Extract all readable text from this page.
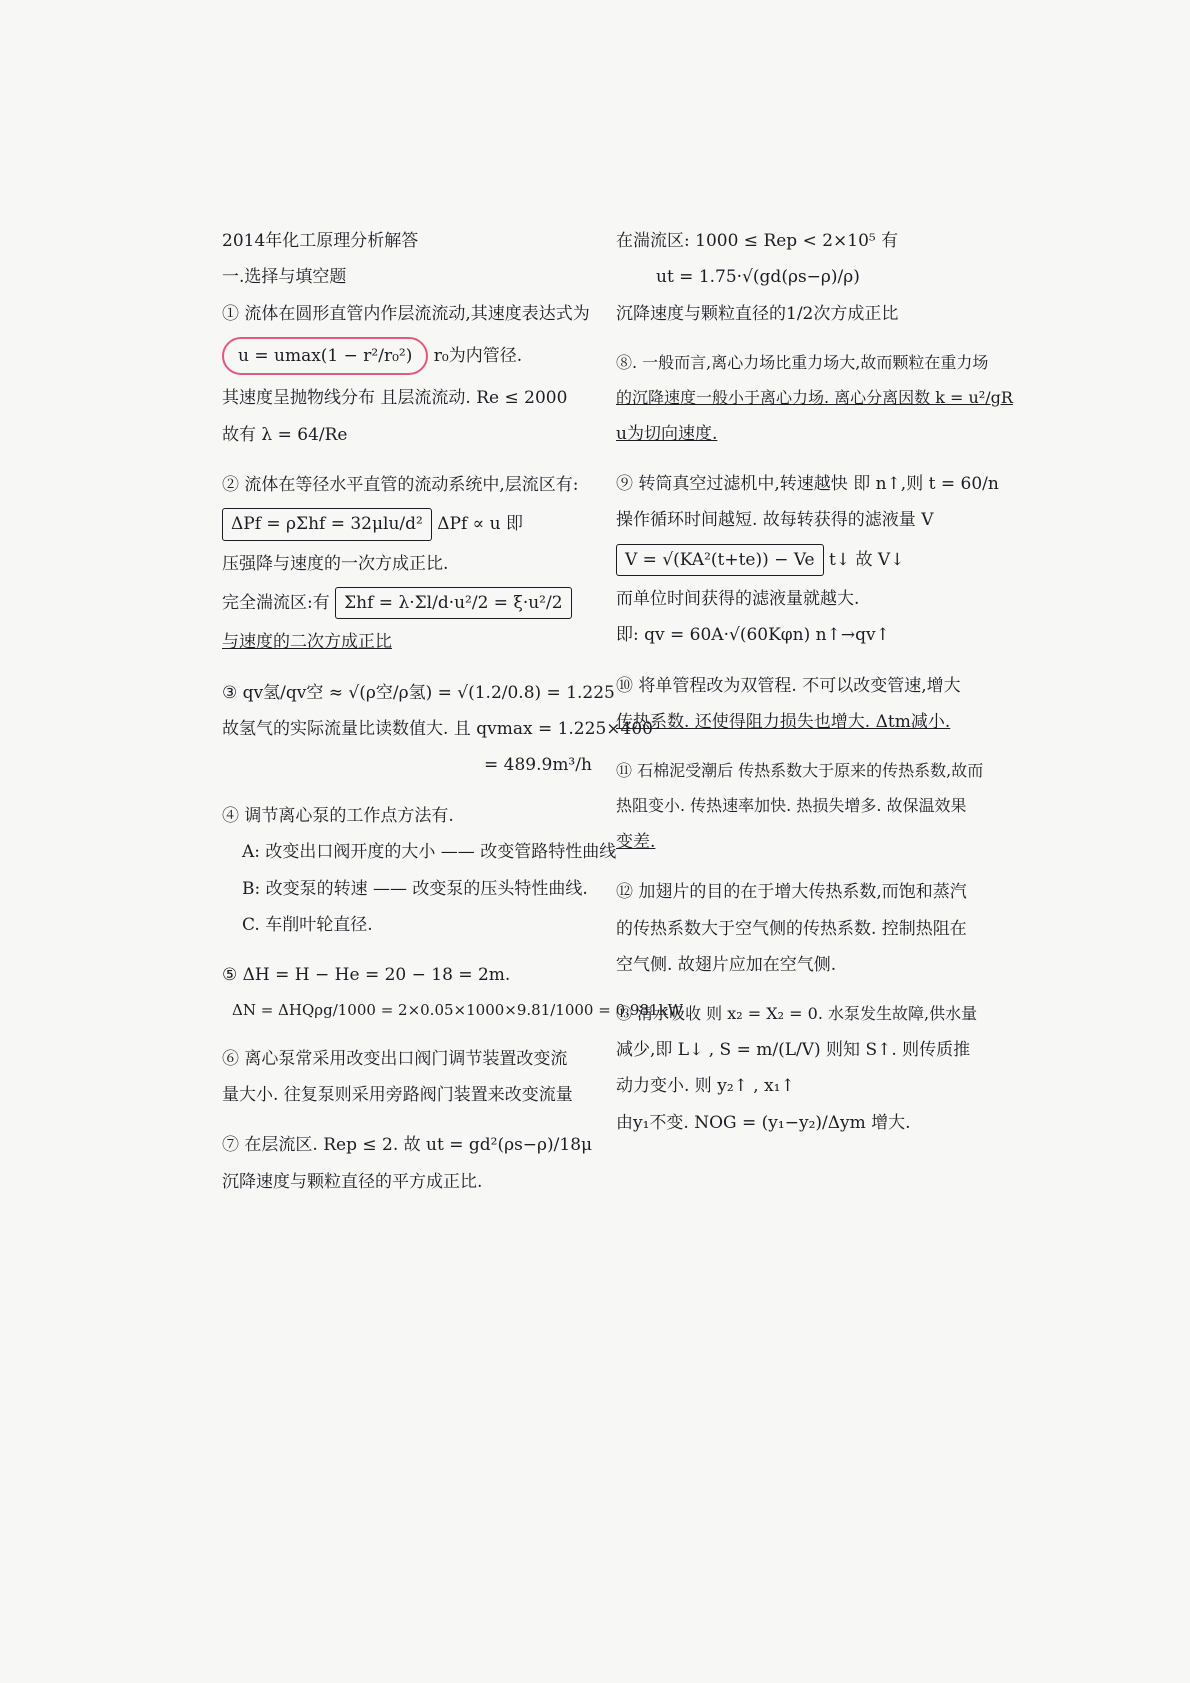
2014年化工原理分析解答
一.选择与填空题
① 流体在圆形直管内作层流流动,其速度表达式为
u = umax(1 − r²/r₀²) r₀为内管径.
其速度呈抛物线分布 且层流流动. Re ≤ 2000
故有 λ = 64/Re
② 流体在等径水平直管的流动系统中,层流区有:
ΔPf = ρΣhf = 32μlu/d² ΔPf ∝ u 即
压强降与速度的一次方成正比.
完全湍流区:有 Σhf = λ·Σl/d·u²/2 = ξ·u²/2
与速度的二次方成正比
③ qv氢/qv空 ≈ √(ρ空/ρ氢) = √(1.2/0.8) = 1.225
故氢气的实际流量比读数值大. 且 qvmax = 1.225×400
= 489.9m³/h
④ 调节离心泵的工作点方法有.
A: 改变出口阀开度的大小 —— 改变管路特性曲线
B: 改变泵的转速 —— 改变泵的压头特性曲线.
C. 车削叶轮直径.
⑤ ΔH = H − He = 20 − 18 = 2m.
ΔN = ΔHQρg/1000 = 2×0.05×1000×9.81/1000 = 0.981kW
⑥ 离心泵常采用改变出口阀门调节装置改变流
量大小. 往复泵则采用旁路阀门装置来改变流量
⑦ 在层流区. Rep ≤ 2. 故 ut = gd²(ρs−ρ)/18μ
沉降速度与颗粒直径的平方成正比.
在湍流区: 1000 ≤ Rep < 2×10⁵ 有
ut = 1.75·√(gd(ρs−ρ)/ρ)
沉降速度与颗粒直径的1/2次方成正比
⑧. 一般而言,离心力场比重力场大,故而颗粒在重力场
的沉降速度一般小于离心力场. 离心分离因数 k = u²/gR
u为切向速度.
⑨ 转筒真空过滤机中,转速越快 即 n↑,则 t = 60/n
操作循环时间越短. 故每转获得的滤液量 V
V = √(KA²(t+te)) − Ve t↓ 故 V↓
而单位时间获得的滤液量就越大.
即: qv = 60A·√(60Kφn) n↑→qv↑
⑩ 将单管程改为双管程. 不可以改变管速,增大
传热系数. 还使得阻力损失也增大. Δtm减小.
⑪ 石棉泥受潮后 传热系数大于原来的传热系数,故而
热阻变小. 传热速率加快. 热损失增多. 故保温效果
变差.
⑫ 加翅片的目的在于增大传热系数,而饱和蒸汽
的传热系数大于空气侧的传热系数. 控制热阻在
空气侧. 故翅片应加在空气侧.
⑬ 清水吸收 则 x₂ = X₂ = 0. 水泵发生故障,供水量
减少,即 L↓ , S = m/(L/V) 则知 S↑. 则传质推
动力变小. 则 y₂↑ , x₁↑
由y₁不变. NOG = (y₁−y₂)/Δym 增大.
